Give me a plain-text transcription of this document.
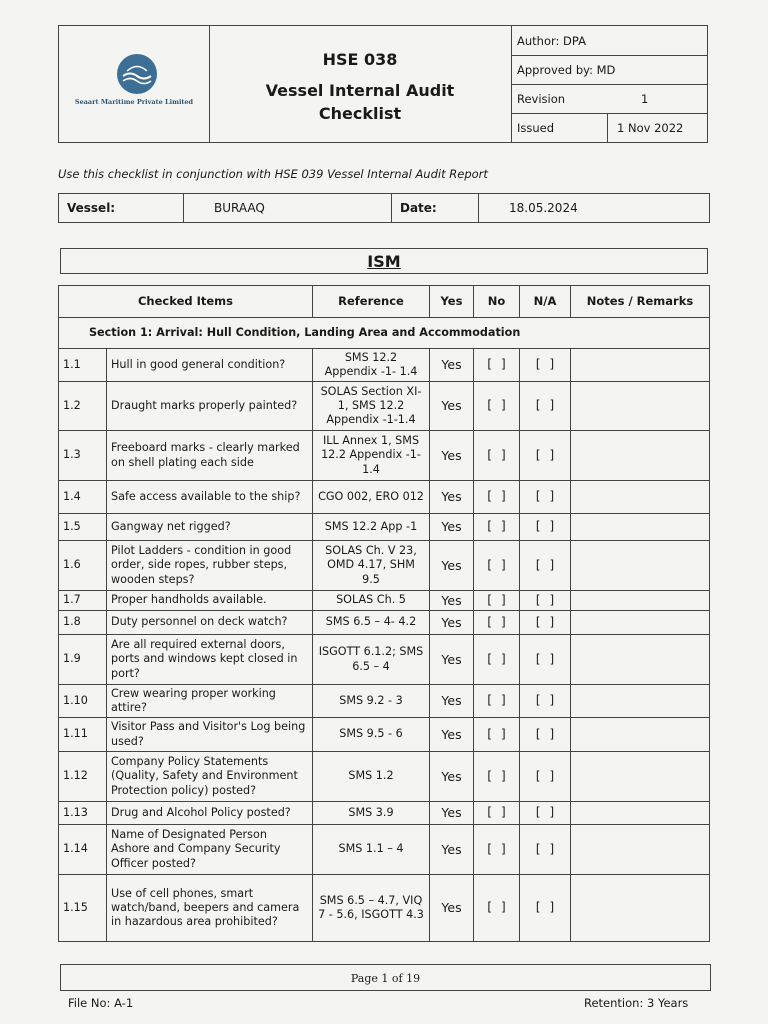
Seaart Maritime Private Limited
HSE 038
Vessel Internal Audit
Checklist
Author: DPA
Approved by: MD
Revision	1
Issued	1 Nov 2022
Use this checklist in conjunction with HSE 039 Vessel Internal Audit Report
Vessel:	BURAAQ	Date:	18.05.2024
ISM
Checked Items		Reference	Yes	No	N/A	Notes / Remarks
Section 1: Arrival: Hull Condition, Landing Area and Accommodation						
1.1	Hull in good general condition?	SMS 12.2 Appendix -1- 1.4	Yes	[ ]	[ ]	
1.2	Draught marks properly painted?	SOLAS Section XI-1, SMS 12.2 Appendix -1-1.4	Yes	[ ]	[ ]	
1.3	Freeboard marks - clearly marked on shell plating each side	ILL Annex 1, SMS 12.2 Appendix -1-1.4	Yes	[ ]	[ ]	
1.4	Safe access available to the ship?	CGO 002, ERO 012	Yes	[ ]	[ ]	
1.5	Gangway net rigged?	SMS 12.2 App -1	Yes	[ ]	[ ]	
1.6	Pilot Ladders - condition in good order, side ropes, rubber steps, wooden steps?	SOLAS Ch. V 23, OMD 4.17, SHM 9.5	Yes	[ ]	[ ]	
1.7	Proper handholds available.	SOLAS Ch. 5	Yes	[ ]	[ ]	
1.8	Duty personnel on deck watch?	SMS 6.5 – 4- 4.2	Yes	[ ]	[ ]	
1.9	Are all required external doors, ports and windows kept closed in port?	ISGOTT 6.1.2; SMS 6.5 – 4	Yes	[ ]	[ ]	
1.10	Crew wearing proper working attire?	SMS 9.2 - 3	Yes	[ ]	[ ]	
1.11	Visitor Pass and Visitor's Log being used?	SMS 9.5 - 6	Yes	[ ]	[ ]	
1.12	Company Policy Statements (Quality, Safety and Environment Protection policy) posted?	SMS 1.2	Yes	[ ]	[ ]	
1.13	Drug and Alcohol Policy posted?	SMS 3.9	Yes	[ ]	[ ]	
1.14	Name of Designated Person Ashore and Company Security Officer posted?	SMS 1.1 – 4	Yes	[ ]	[ ]	
1.15	Use of cell phones, smart watch/band, beepers and camera in hazardous area prohibited?	SMS 6.5 – 4.7, VIQ 7 - 5.6, ISGOTT 4.3	Yes	[ ]	[ ]	
Page 1 of 19
File No: A-1	Retention: 3 Years
